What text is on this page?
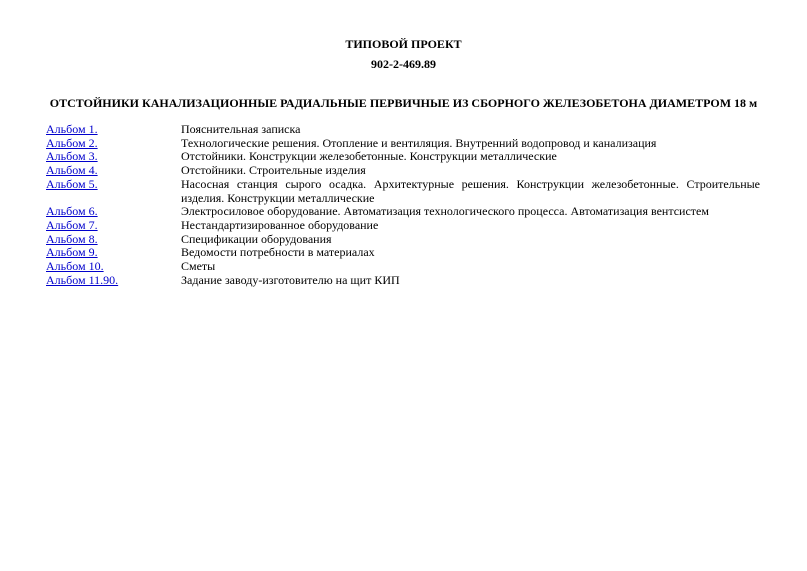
ТИПОВОЙ ПРОЕКТ
902-2-469.89
ОТСТОЙНИКИ КАНАЛИЗАЦИОННЫЕ РАДИАЛЬНЫЕ ПЕРВИЧНЫЕ ИЗ СБОРНОГО ЖЕЛЕЗОБЕТОНА ДИАМЕТРОМ 18 м
Альбом 1.	Пояснительная записка
Альбом 2.	Технологические решения. Отопление и вентиляция. Внутренний водопровод и канализация
Альбом 3.	Отстойники. Конструкции железобетонные. Конструкции металлические
Альбом 4.	Отстойники. Строительные изделия
Альбом 5.	Насосная станция сырого осадка. Архитектурные решения. Конструкции железобетонные. Строительные изделия. Конструкции металлические
Альбом 6.	Электросиловое оборудование. Автоматизация технологического процесса. Автоматизация вентсистем
Альбом 7.	Нестандартизированное оборудование
Альбом 8.	Спецификации оборудования
Альбом 9.	Ведомости потребности в материалах
Альбом 10.	Сметы
Альбом 11.90.	Задание заводу-изготовителю на щит КИП
